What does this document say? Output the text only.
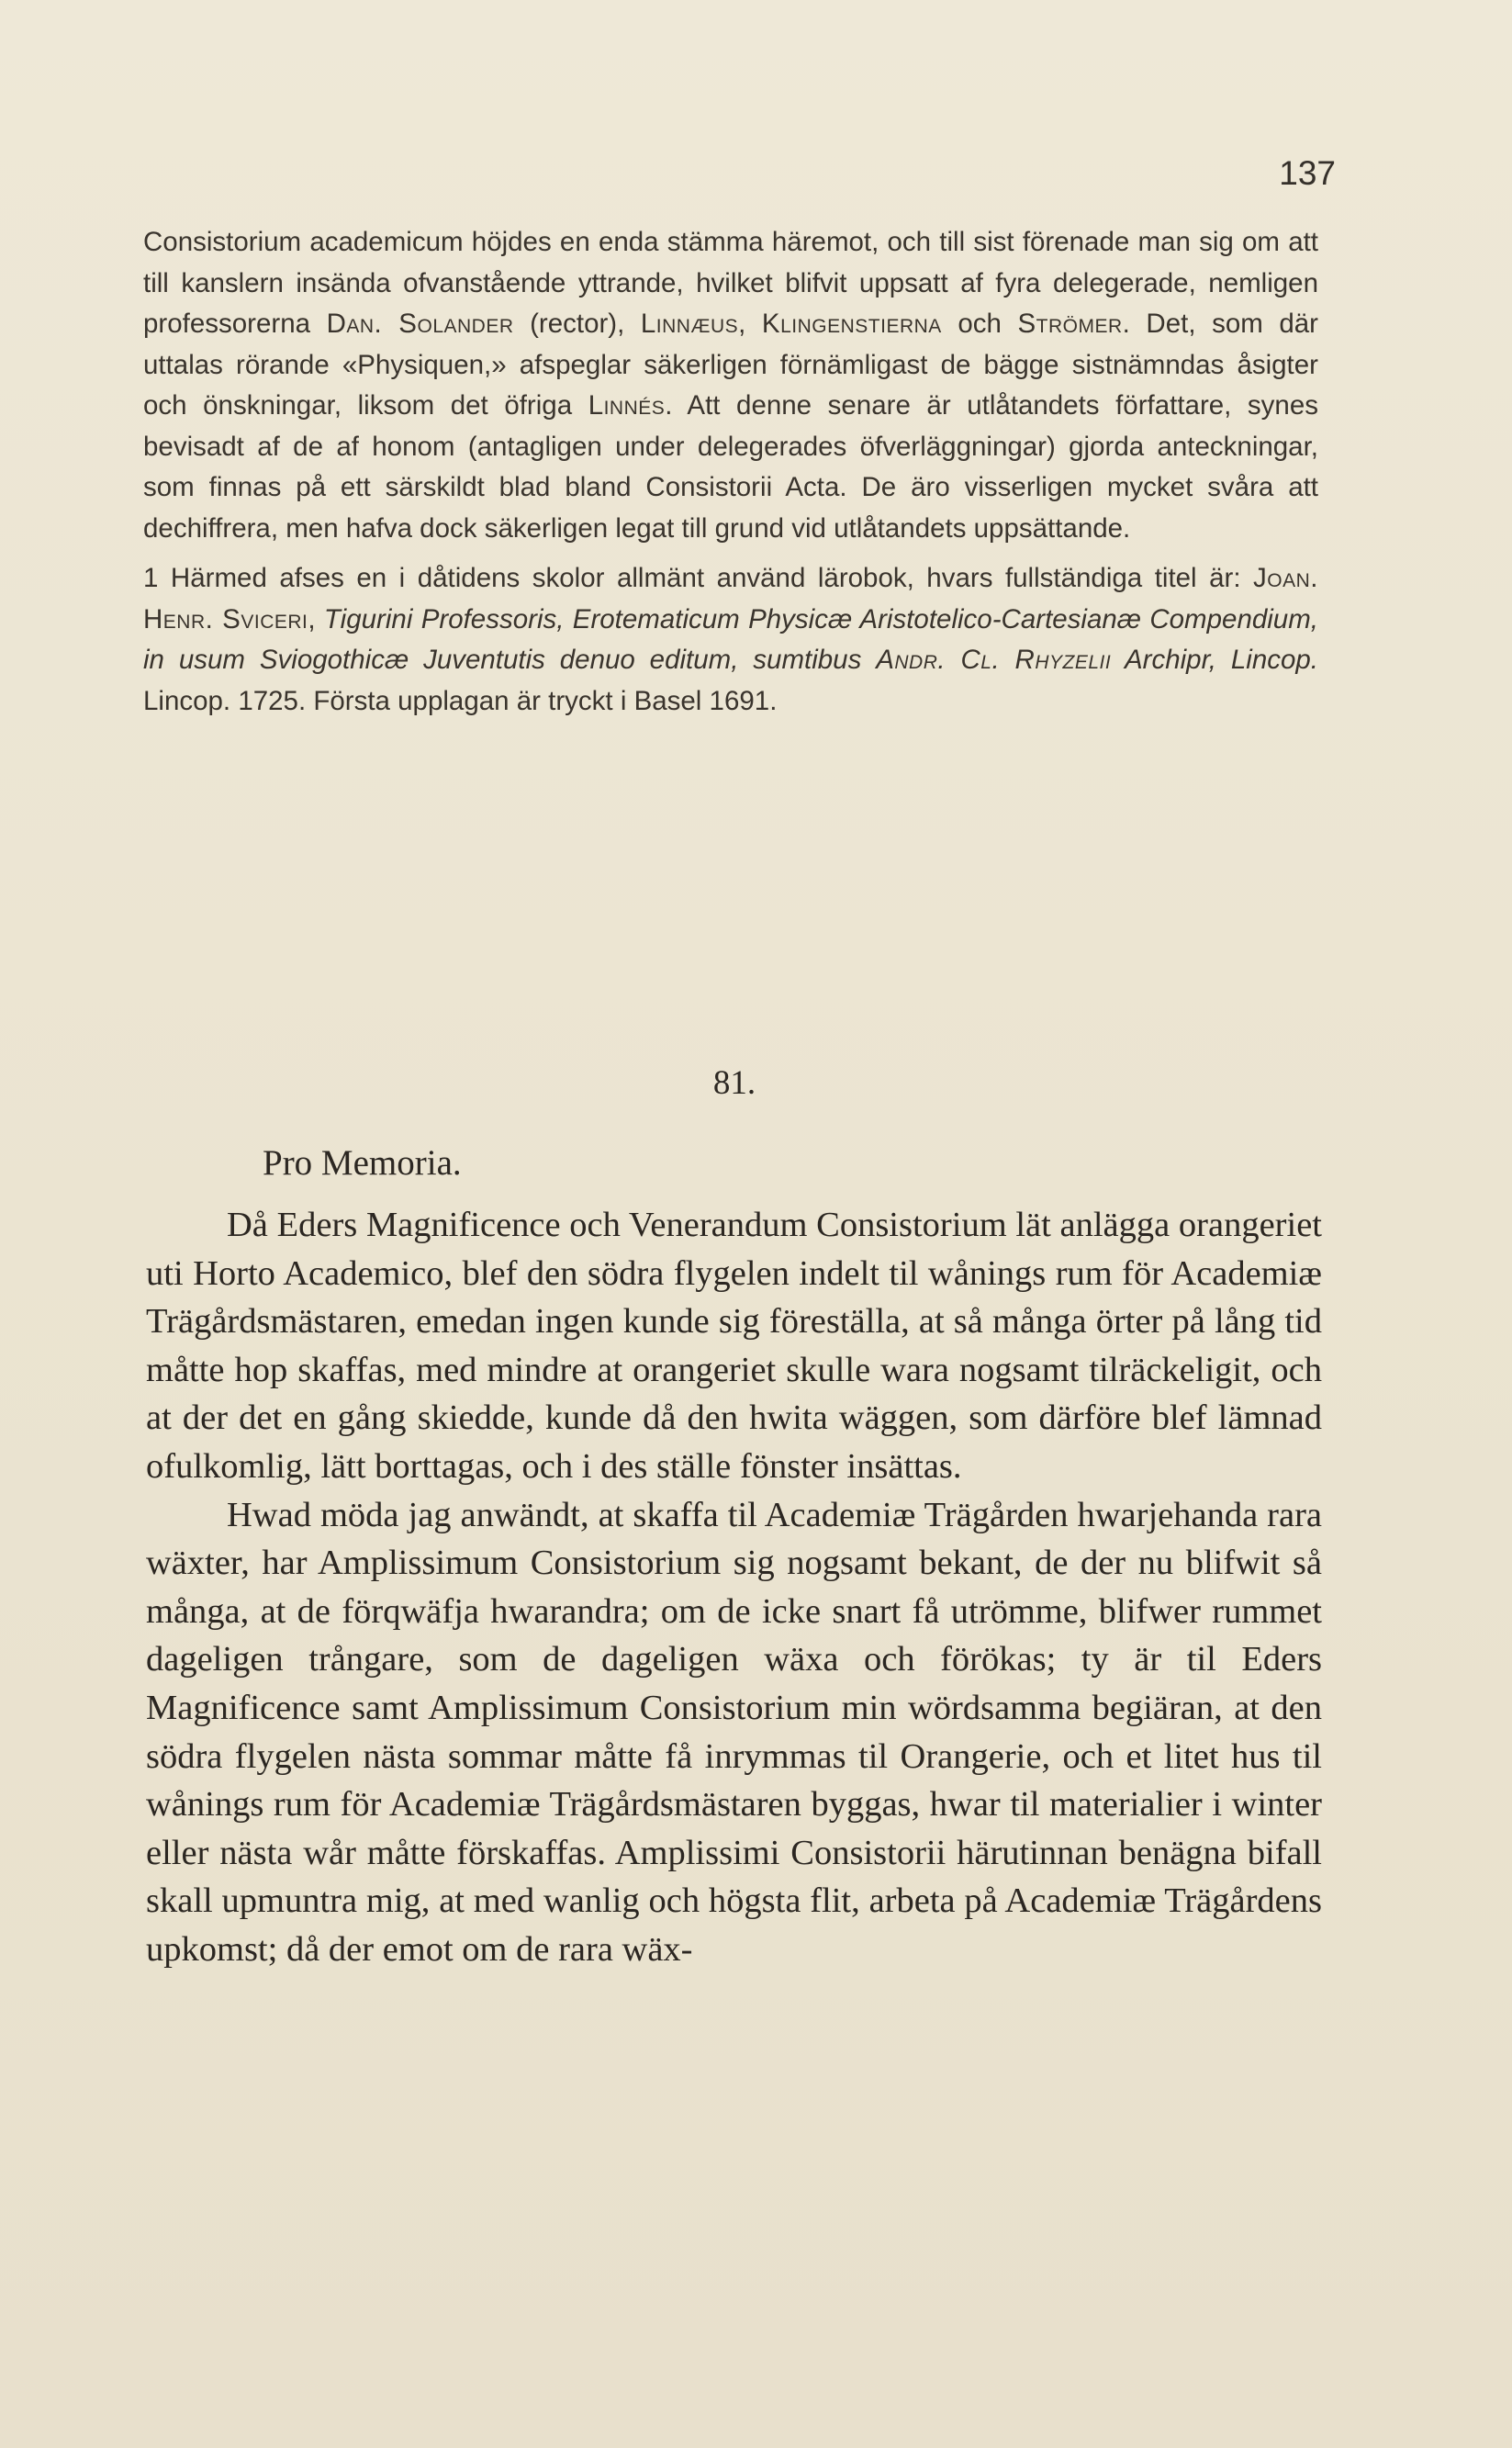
137

Consistorium academicum höjdes en enda stämma häremot, och till sist förenade man sig om att till kanslern insända ofvanstående yttrande, hvilket blifvit uppsatt af fyra delegerade, nemligen professorerna Dan. Solander (rector), Linnæus, Klingenstierna och Strömer. Det, som där uttalas rörande «Physiquen,» afspeglar säkerligen förnämligast de bägge sistnämndas åsigter och önskningar, liksom det öfriga Linnés. Att denne senare är utlåtandets författare, synes bevisadt af de af honom (antagligen under delegerades öfverläggningar) gjorda anteckningar, som finnas på ett särskildt blad bland Consistorii Acta. De äro visserligen mycket svåra att dechiffrera, men hafva dock säkerligen legat till grund vid utlåtandets uppsättande.

1 Härmed afses en i dåtidens skolor allmänt använd lärobok, hvars fullständiga titel är: Joan. Henr. Sviceri, Tigurini Professoris, Erotematicum Physicæ Aristotelico-Cartesianæ Compendium, in usum Sviogothicæ Juventutis denuo editum, sumtibus Andr. Cl. Rhyzelii Archipr, Lincop. Lincop. 1725. Första upplagan är tryckt i Basel 1691.

81.
Pro Memoria.

Då Eders Magnificence och Venerandum Consistorium lät anlägga orangeriet uti Horto Academico, blef den södra flygelen indelt til wånings rum för Academiæ Trägårdsmästaren, emedan ingen kunde sig föreställa, at så många örter på lång tid måtte hop skaffas, med mindre at orangeriet skulle wara nogsamt tilräckeligit, och at der det en gång skiedde, kunde då den hwita wäggen, som därföre blef lämnad ofulkomlig, lätt borttagas, och i des ställe fönster insättas.

Hwad möda jag anwändt, at skaffa til Academiæ Trägården hwarjehanda rara wäxter, har Amplissimum Consistorium sig nogsamt bekant, de der nu blifwit så många, at de förqwäfja hwarandra; om de icke snart få utrömme, blifwer rummet dageligen trångare, som de dageligen wäxa och förökas; ty är til Eders Magnificence samt Amplissimum Consistorium min wördsamma begiäran, at den södra flygelen nästa sommar måtte få inrymmas til Orangerie, och et litet hus til wånings rum för Academiæ Trägårdsmästaren byggas, hwar til materialier i winter eller nästa wår måtte förskaffas. Amplissimi Consistorii härutinnan benägna bifall skall upmuntra mig, at med wanlig och högsta flit, arbeta på Academiæ Trägårdens upkomst; då der emot om de rara wäx-
